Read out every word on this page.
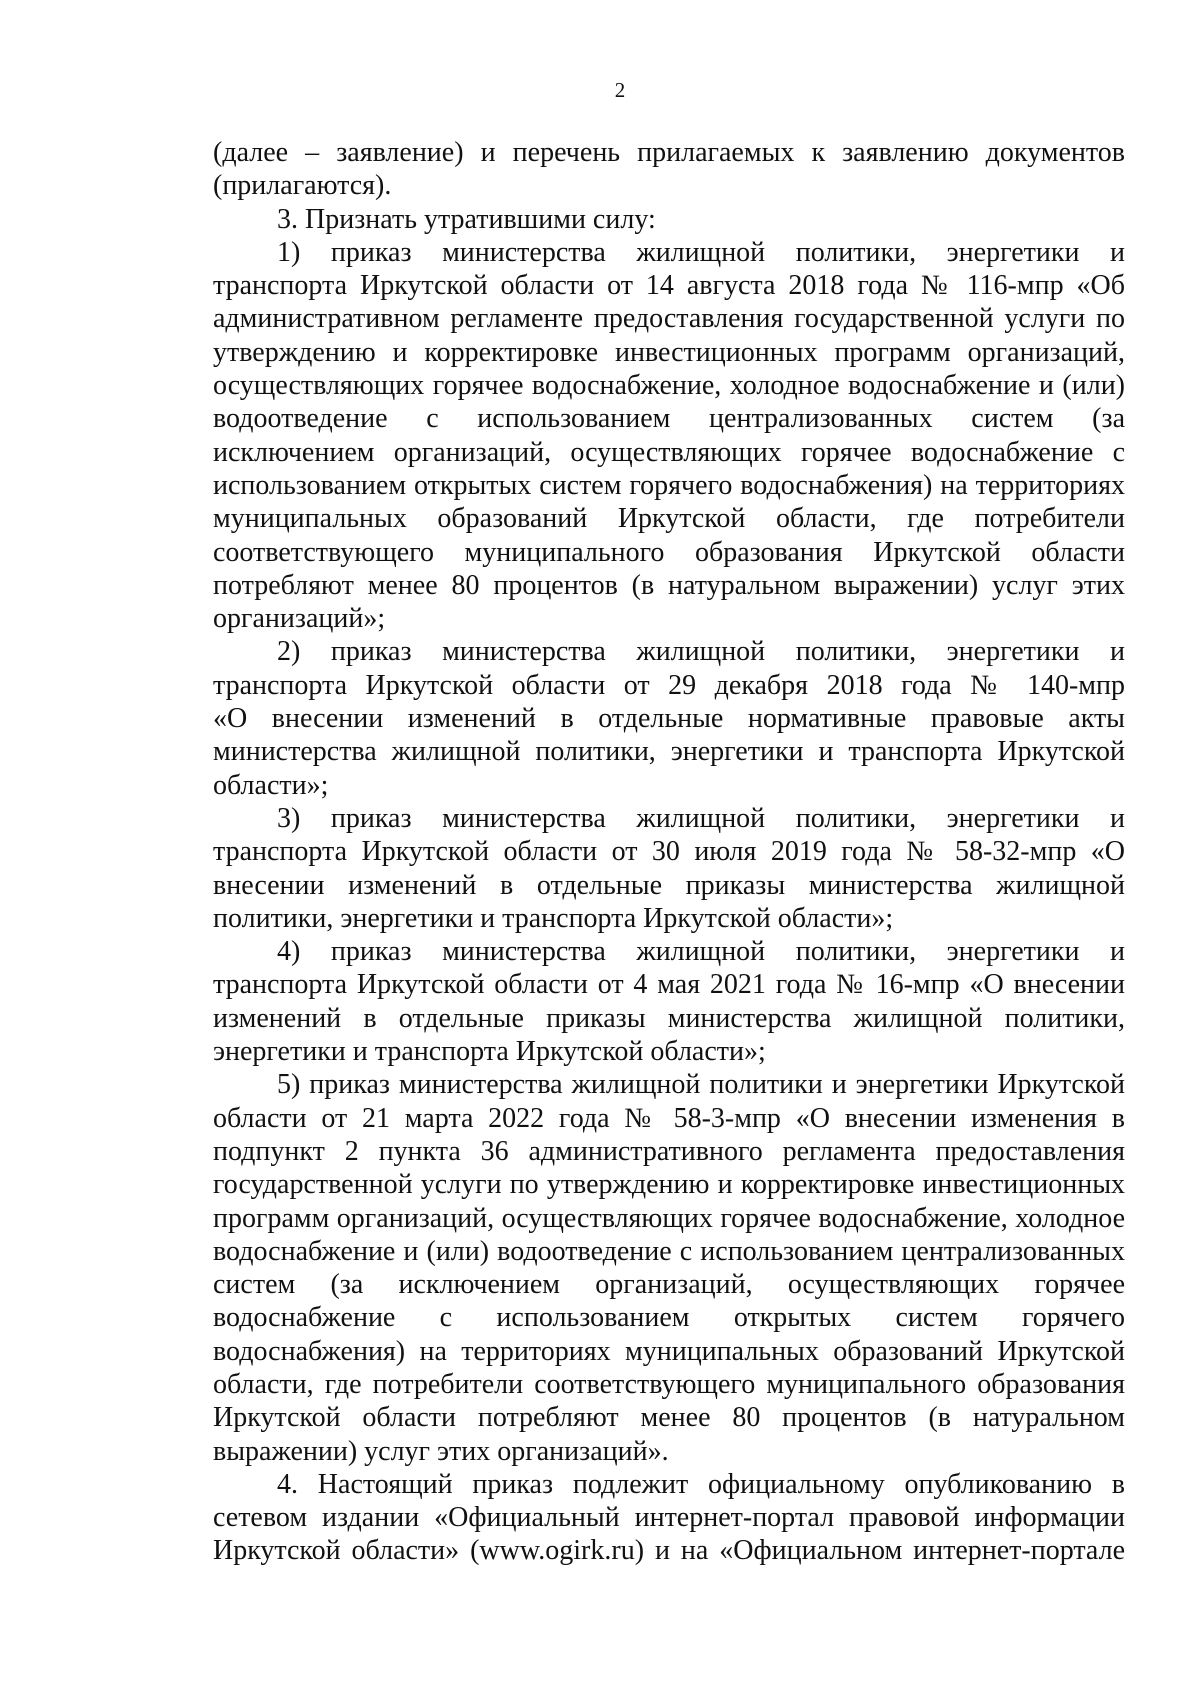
2
(далее – заявление) и перечень прилагаемых к заявлению документов
(прилагаются).
3. Признать утратившими силу:
1) приказ министерства жилищной политики, энергетики и
транспорта Иркутской области от 14 августа 2018 года № 116-мпр «Об
административном регламенте предоставления государственной услуги по
утверждению и корректировке инвестиционных программ организаций,
осуществляющих горячее водоснабжение, холодное водоснабжение и (или)
водоотведение с использованием централизованных систем (за
исключением организаций, осуществляющих горячее водоснабжение с
использованием открытых систем горячего водоснабжения) на территориях
муниципальных образований Иркутской области, где потребители
соответствующего муниципального образования Иркутской области
потребляют менее 80 процентов (в натуральном выражении) услуг этих
организаций»;
2) приказ министерства жилищной политики, энергетики и
транспорта Иркутской области от 29 декабря 2018 года № 140-мпр
«О внесении изменений в отдельные нормативные правовые акты
министерства жилищной политики, энергетики и транспорта Иркутской
области»;
3) приказ министерства жилищной политики, энергетики и
транспорта Иркутской области от 30 июля 2019 года № 58-32-мпр «О
внесении изменений в отдельные приказы министерства жилищной
политики, энергетики и транспорта Иркутской области»;
4) приказ министерства жилищной политики, энергетики и
транспорта Иркутской области от 4 мая 2021 года № 16-мпр «О внесении
изменений в отдельные приказы министерства жилищной политики,
энергетики и транспорта Иркутской области»;
5) приказ министерства жилищной политики и энергетики Иркутской
области от 21 марта 2022 года № 58-3-мпр «О внесении изменения в
подпункт 2 пункта 36 административного регламента предоставления
государственной услуги по утверждению и корректировке инвестиционных
программ организаций, осуществляющих горячее водоснабжение, холодное
водоснабжение и (или) водоотведение с использованием централизованных
систем (за исключением организаций, осуществляющих горячее
водоснабжение с использованием открытых систем горячего
водоснабжения) на территориях муниципальных образований Иркутской
области, где потребители соответствующего муниципального образования
Иркутской области потребляют менее 80 процентов (в натуральном
выражении) услуг этих организаций».
4. Настоящий приказ подлежит официальному опубликованию в
сетевом издании «Официальный интернет-портал правовой информации
Иркутской области» (www.ogirk.ru) и на «Официальном интернет-портале
